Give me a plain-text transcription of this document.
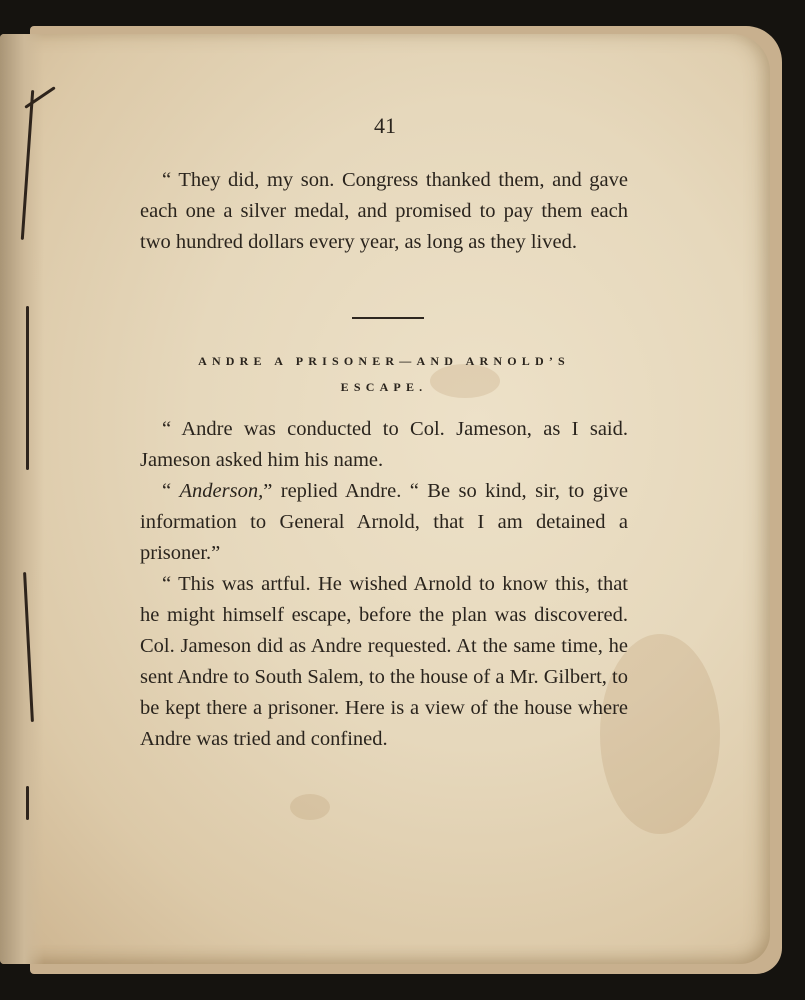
41

“ They did, my son. Congress thanked them, and gave each one a silver medal, and promised to pay them each two hundred dollars every year, as long as they lived.

ANDRE A PRISONER—AND ARNOLD’S
ESCAPE.

“ Andre was conducted to Col. Jameson, as I said. Jameson asked him his name.

“ Anderson,” replied Andre. “ Be so kind, sir, to give information to General Arnold, that I am detained a prisoner.”

“ This was artful. He wished Arnold to know this, that he might himself escape, before the plan was discovered. Col. Jameson did as Andre requested. At the same time, he sent Andre to South Salem, to the house of a Mr. Gilbert, to be kept there a prisoner. Here is a view of the house where Andre was tried and confined.
